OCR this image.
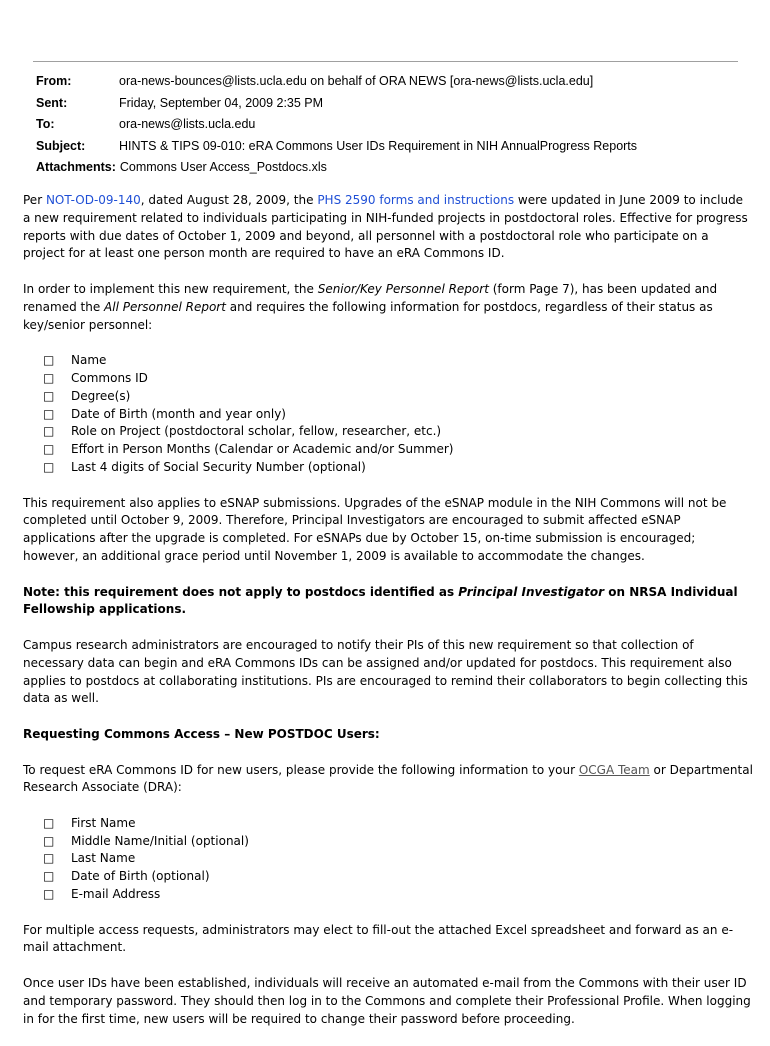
From:	ora-news-bounces@lists.ucla.edu on behalf of ORA NEWS [ora-news@lists.ucla.edu]
Sent:	Friday, September 04, 2009 2:35 PM
To:	ora-news@lists.ucla.edu
Subject:	HINTS & TIPS 09-010: eRA Commons User IDs Requirement in NIH AnnualProgress Reports
Attachments: Commons User Access_Postdocs.xls

Per NOT-OD-09-140, dated August 28, 2009, the PHS 2590 forms and instructions were updated in June 2009 to include a new requirement related to individuals participating in NIH-funded projects in postdoctoral roles. Effective for progress reports with due dates of October 1, 2009 and beyond, all personnel with a postdoctoral role who participate on a project for at least one person month are required to have an eRA Commons ID.

In order to implement this new requirement, the Senior/Key Personnel Report (form Page 7), has been updated and renamed the All Personnel Report and requires the following information for postdocs, regardless of their status as key/senior personnel:

□	Name
□	Commons ID
□	Degree(s)
□	Date of Birth (month and year only)
□	Role on Project (postdoctoral scholar, fellow, researcher, etc.)
□	Effort in Person Months (Calendar or Academic and/or Summer)
□	Last 4 digits of Social Security Number (optional)

This requirement also applies to eSNAP submissions. Upgrades of the eSNAP module in the NIH Commons will not be completed until October 9, 2009. Therefore, Principal Investigators are encouraged to submit affected eSNAP applications after the upgrade is completed. For eSNAPs due by October 15, on-time submission is encouraged; however, an additional grace period until November 1, 2009 is available to accommodate the changes.

Note: this requirement does not apply to postdocs identified as Principal Investigator on NRSA Individual Fellowship applications.

Campus research administrators are encouraged to notify their PIs of this new requirement so that collection of necessary data can begin and eRA Commons IDs can be assigned and/or updated for postdocs. This requirement also applies to postdocs at collaborating institutions. PIs are encouraged to remind their collaborators to begin collecting this data as well.

Requesting Commons Access – New POSTDOC Users:

To request eRA Commons ID for new users, please provide the following information to your OCGA Team or Departmental Research Associate (DRA):

□	First Name
□	Middle Name/Initial (optional)
□	Last Name
□	Date of Birth (optional)
□	E-mail Address

For multiple access requests, administrators may elect to fill-out the attached Excel spreadsheet and forward as an e-mail attachment.

Once user IDs have been established, individuals will receive an automated e-mail from the Commons with their user ID and temporary password. They should then log in to the Commons and complete their Professional Profile. When logging in for the first time, new users will be required to change their password before proceeding.
